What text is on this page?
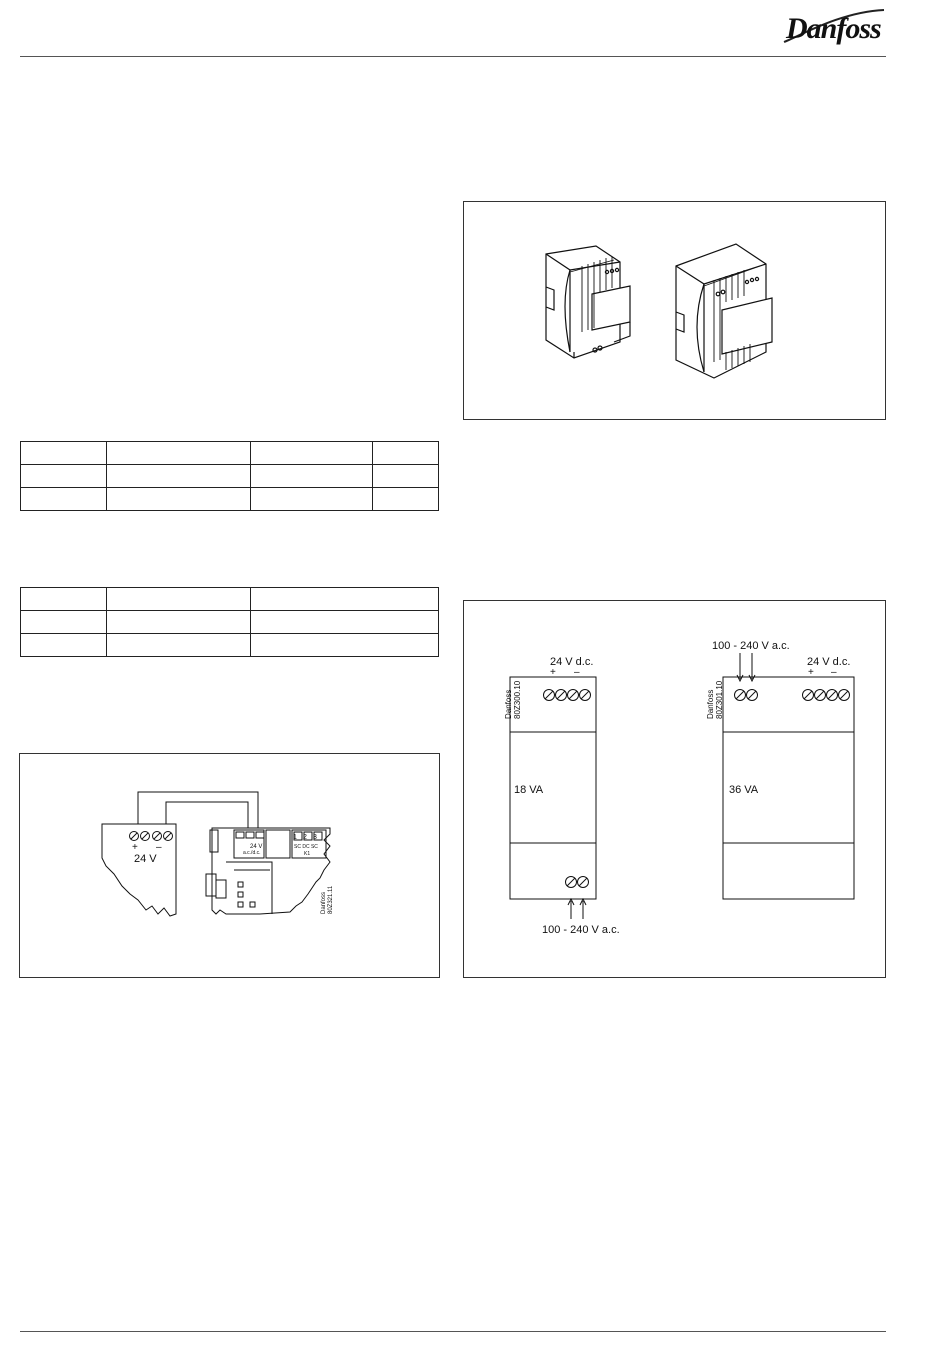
Danfoss

+ –
24 V
1 2 3
24 V
a.c./d.c.
SC DC SC
K1
Danfoss 80Z321.11
24 V d.c.
+ –
18 VA
100 - 240 V a.c.
Danfoss 80Z300.10
100 - 240 V a.c.
24 V d.c.
+ –
36 VA
Danfoss 80Z301.10
